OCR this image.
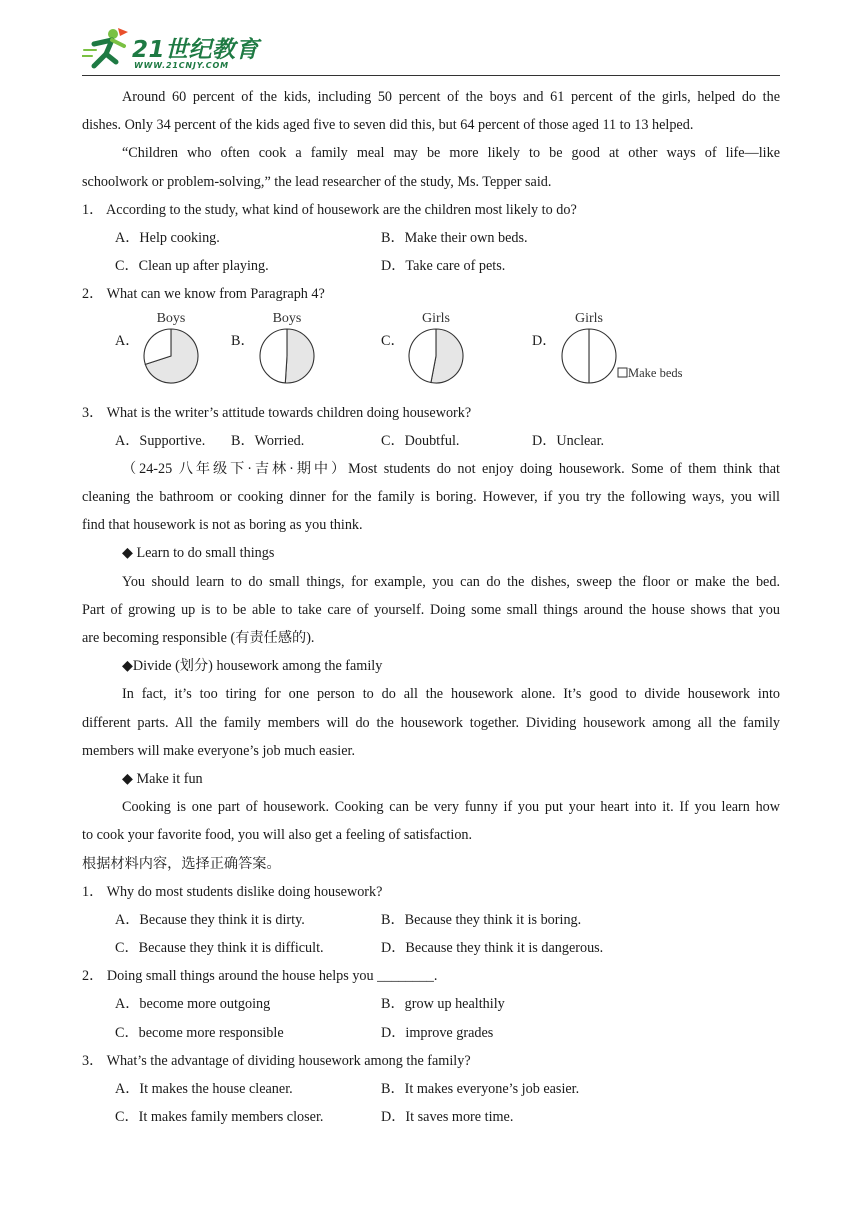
21世纪教育
WWW.21CNJY.COM
Around 60 percent of the kids, including 50 percent of the boys and 61 percent of the girls, helped do the
dishes. Only 34 percent of the kids aged five to seven did this, but 64 percent of those aged 11 to 13 helped.
“Children who often cook a family meal may be more likely to be good at other ways of life—like
schoolwork or problem-solving,” the lead researcher of the study, Ms. Tepper said.
1． According to the study, what kind of housework are the children most likely to do?
A．Help cooking.	B．Make their own beds.
C．Clean up after playing.	D．Take care of pets.
2． What can we know from Paragraph 4?
A．	B．	C．	D．
Boys	Boys	Girls	Girls
Make beds
3． What is the writer’s attitude towards children doing housework?
A．Supportive. B．Worried.	C．Doubtful.	D．Unclear.
（24-25 八年级下·吉林·期中）Most students do not enjoy doing housework. Some of them think that
cleaning the bathroom or cooking dinner for the family is boring. However, if you try the following ways, you will
find that housework is not as boring as you think.
◆ Learn to do small things
You should learn to do small things, for example, you can do the dishes, sweep the floor or make the bed.
Part of growing up is to be able to take care of yourself. Doing some small things around the house shows that you
are becoming responsible (有责任感的).
◆Divide (划分) housework among the family
In fact, it’s too tiring for one person to do all the housework alone. It’s good to divide housework into
different parts. All the family members will do the housework together. Dividing housework among all the family
members will make everyone’s job much easier.
◆ Make it fun
Cooking is one part of housework. Cooking can be very funny if you put your heart into it. If you learn how
to cook your favorite food, you will also get a feeling of satisfaction.
根据材料内容，选择正确答案。
1． Why do most students dislike doing housework?
A．Because they think it is dirty.	B．Because they think it is boring.
C．Because they think it is difficult.	D．Because they think it is dangerous.
2． Doing small things around the house helps you ________.
A．become more outgoing	B．grow up healthily
C．become more responsible	D．improve grades
3． What’s the advantage of dividing housework among the family?
A．It makes the house cleaner.	B．It makes everyone’s job easier.
C．It makes family members closer.	D．It saves more time.
